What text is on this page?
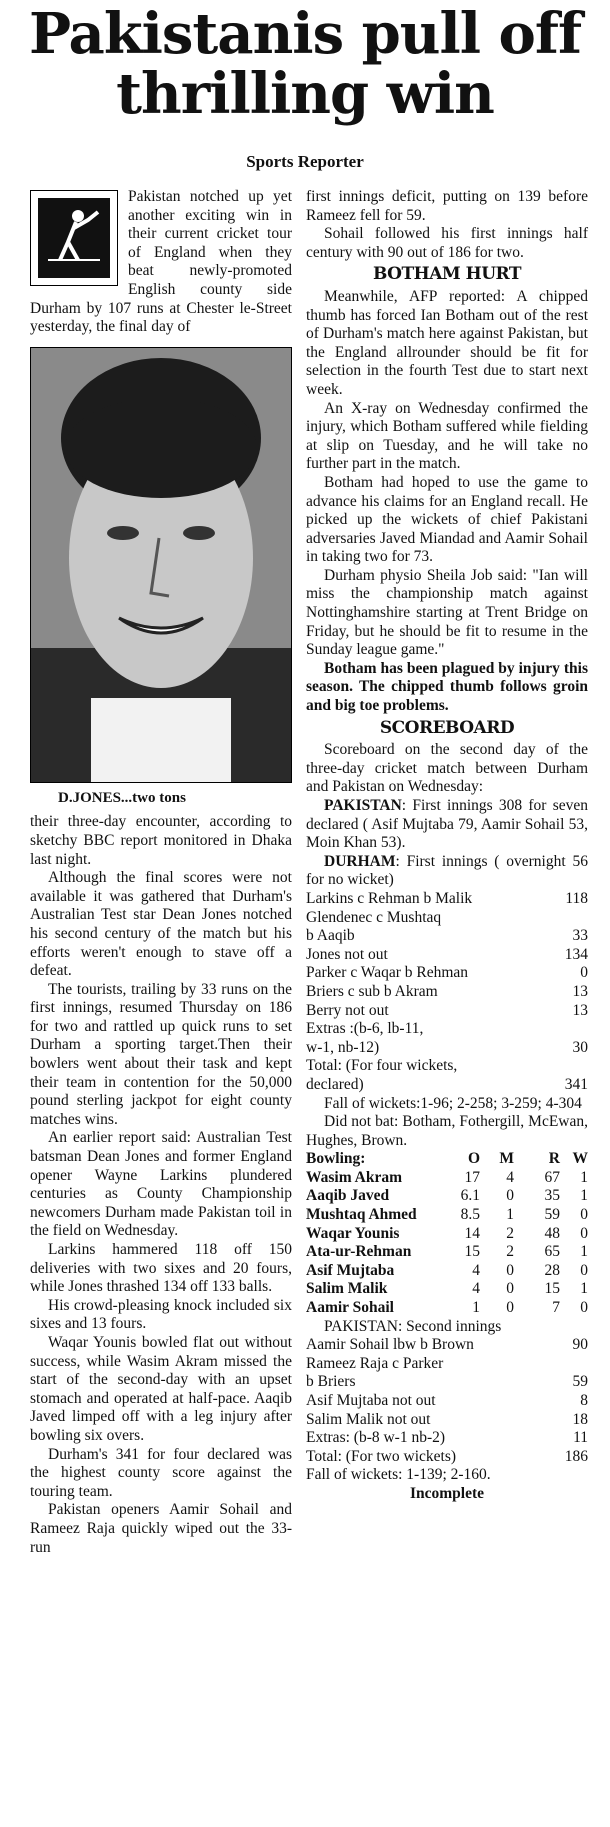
Pakistanis pull off
thrilling win
Sports Reporter

Pakistan notched up yet another exciting win in their current cricket tour of England when they beat newly-promoted English county side Durham by 107 runs at Chester le-Street yesterday, the final day of

D.JONES...two tons

their three-day encounter, according to sketchy BBC report monitored in Dhaka last night.

Although the final scores were not available it was gathered that Durham's Australian Test star Dean Jones notched his second century of the match but his efforts weren't enough to stave off a defeat.

The tourists, trailing by 33 runs on the first innings, resumed Thursday on 186 for two and rattled up quick runs to set Durham a sporting target.Then their bowlers went about their task and kept their team in contention for the 50,000 pound sterling jackpot for eight county matches wins.

An earlier report said: Australian Test batsman Dean Jones and former England opener Wayne Larkins plundered centuries as County Championship newcomers Durham made Pakistan toil in the field on Wednesday.

Larkins hammered 118 off 150 deliveries with two sixes and 20 fours, while Jones thrashed 134 off 133 balls.

His crowd-pleasing knock included six sixes and 13 fours.

Waqar Younis bowled flat out without success, while Wasim Akram missed the start of the second-day with an upset stomach and operated at half-pace. Aaqib Javed limped off with a leg injury after bowling six overs.

Durham's 341 for four declared was the highest county score against the touring team.

Pakistan openers Aamir Sohail and Rameez Raja quickly wiped out the 33-run

first innings deficit, putting on 139 before Rameez fell for 59.

Sohail followed his first innings half century with 90 out of 186 for two.

BOTHAM HURT

Meanwhile, AFP reported: A chipped thumb has forced Ian Botham out of the rest of Durham's match here against Pakistan, but the England allrounder should be fit for selection in the fourth Test due to start next week.

An X-ray on Wednesday confirmed the injury, which Botham suffered while fielding at slip on Tuesday, and he will take no further part in the match.

Botham had hoped to use the game to advance his claims for an England recall. He picked up the wickets of chief Pakistani adversaries Javed Miandad and Aamir Sohail in taking two for 73.

Durham physio Sheila Job said: "Ian will miss the championship match against Nottinghamshire starting at Trent Bridge on Friday, but he should be fit to resume in the Sunday league game."

Botham has been plagued by injury this season. The chipped thumb follows groin and big toe problems.

SCOREBOARD

Scoreboard on the second day of the three-day cricket match between Durham and Pakistan on Wednesday:

PAKISTAN: First innings 308 for seven declared ( Asif Mujtaba 79, Aamir Sohail 53, Moin Khan 53).

DURHAM: First innings ( overnight 56 for no wicket)

Larkins c Rehman b Malik	118
Glendenec c Mushtaq
b Aaqib	33
Jones not out	134
Parker c Waqar b Rehman	0
Briers c sub b Akram	13
Berry not out	13
Extras :(b-6, lb-11,
w-1, nb-12)	30
Total: (For four wickets,
declared)	341

Fall of wickets:1-96; 2-258; 3-259; 4-304

Did not bat: Botham, Fothergill, McEwan, Hughes, Brown.

Bowling:	O	M	R W
Wasim Akram	17	4	67	1
Aaqib Javed	6.1	0	35	1
Mushtaq Ahmed	8.5	1	59	0
Waqar Younis	14	2	48	0
Ata-ur-Rehman	15	2	65	1
Asif Mujtaba	4	0	28	0
Salim Malik	4	0	15	1
Aamir Sohail	1	0	7	0

PAKISTAN: Second innings

Aamir Sohail lbw b Brown	90
Rameez Raja c Parker
b Briers	59
Asif Mujtaba not out	8
Salim Malik not out	18
Extras: (b-8 w-1 nb-2)	11
Total: (For two wickets)	186
Fall of wickets: 1-139; 2-160.
Incomplete
